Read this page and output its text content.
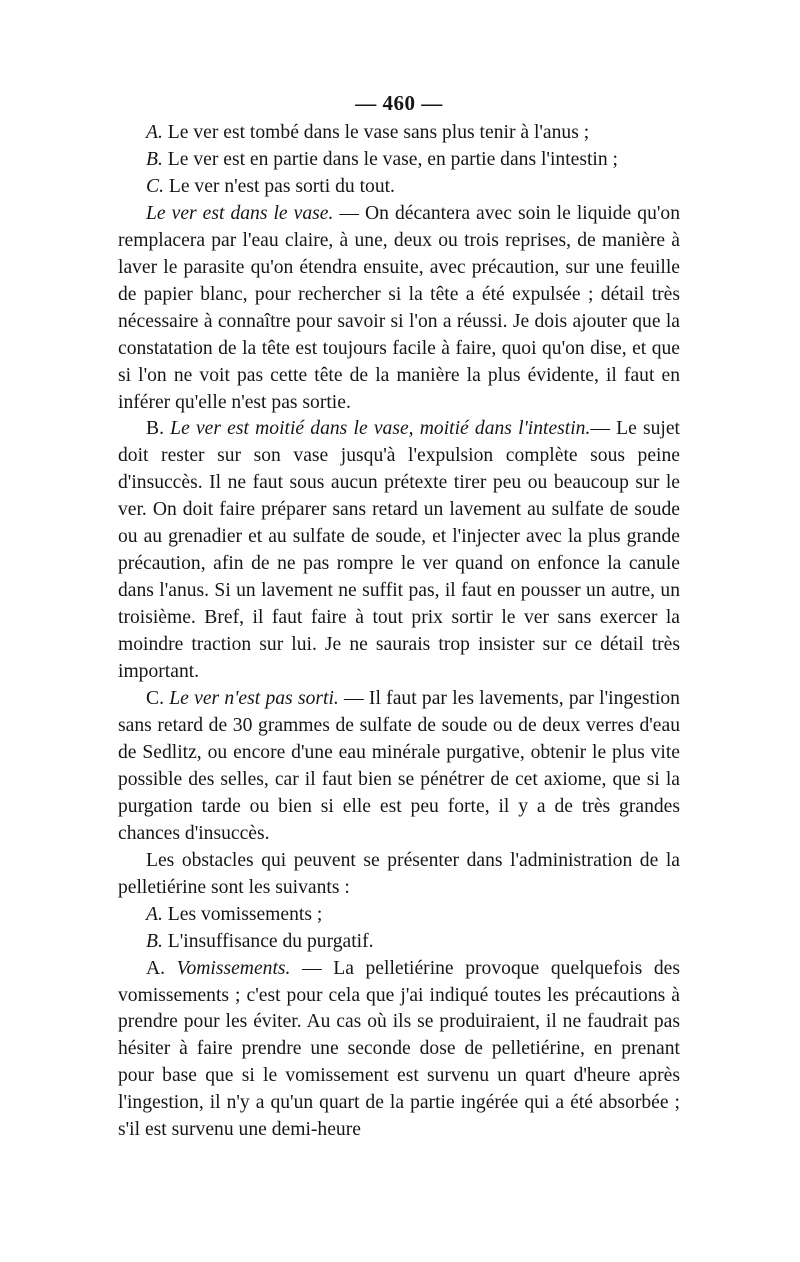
— 460 —

A. Le ver est tombé dans le vase sans plus tenir à l'anus ;

B. Le ver est en partie dans le vase, en partie dans l'intestin ;

C. Le ver n'est pas sorti du tout.

Le ver est dans le vase. — On décantera avec soin le liquide qu'on remplacera par l'eau claire, à une, deux ou trois reprises, de manière à laver le parasite qu'on étendra ensuite, avec précaution, sur une feuille de papier blanc, pour rechercher si la tête a été expulsée ; détail très nécessaire à connaître pour savoir si l'on a réussi. Je dois ajouter que la constatation de la tête est toujours facile à faire, quoi qu'on dise, et que si l'on ne voit pas cette tête de la manière la plus évidente, il faut en inférer qu'elle n'est pas sortie.

B. Le ver est moitié dans le vase, moitié dans l'intestin.— Le sujet doit rester sur son vase jusqu'à l'expulsion complète sous peine d'insuccès. Il ne faut sous aucun prétexte tirer peu ou beaucoup sur le ver. On doit faire préparer sans retard un lavement au sulfate de soude ou au grenadier et au sulfate de soude, et l'injecter avec la plus grande précaution, afin de ne pas rompre le ver quand on enfonce la canule dans l'anus. Si un lavement ne suffit pas, il faut en pousser un autre, un troisième. Bref, il faut faire à tout prix sortir le ver sans exercer la moindre traction sur lui. Je ne saurais trop insister sur ce détail très important.

C. Le ver n'est pas sorti. — Il faut par les lavements, par l'ingestion sans retard de 30 grammes de sulfate de soude ou de deux verres d'eau de Sedlitz, ou encore d'une eau minérale purgative, obtenir le plus vite possible des selles, car il faut bien se pénétrer de cet axiome, que si la purgation tarde ou bien si elle est peu forte, il y a de très grandes chances d'insuccès.

Les obstacles qui peuvent se présenter dans l'administration de la pelletiérine sont les suivants :

A. Les vomissements ;

B. L'insuffisance du purgatif.

A. Vomissements. — La pelletiérine provoque quelquefois des vomissements ; c'est pour cela que j'ai indiqué toutes les précautions à prendre pour les éviter. Au cas où ils se produiraient, il ne faudrait pas hésiter à faire prendre une seconde dose de pelletiérine, en prenant pour base que si le vomissement est survenu un quart d'heure après l'ingestion, il n'y a qu'un quart de la partie ingérée qui a été absorbée ; s'il est survenu une demi-heure
